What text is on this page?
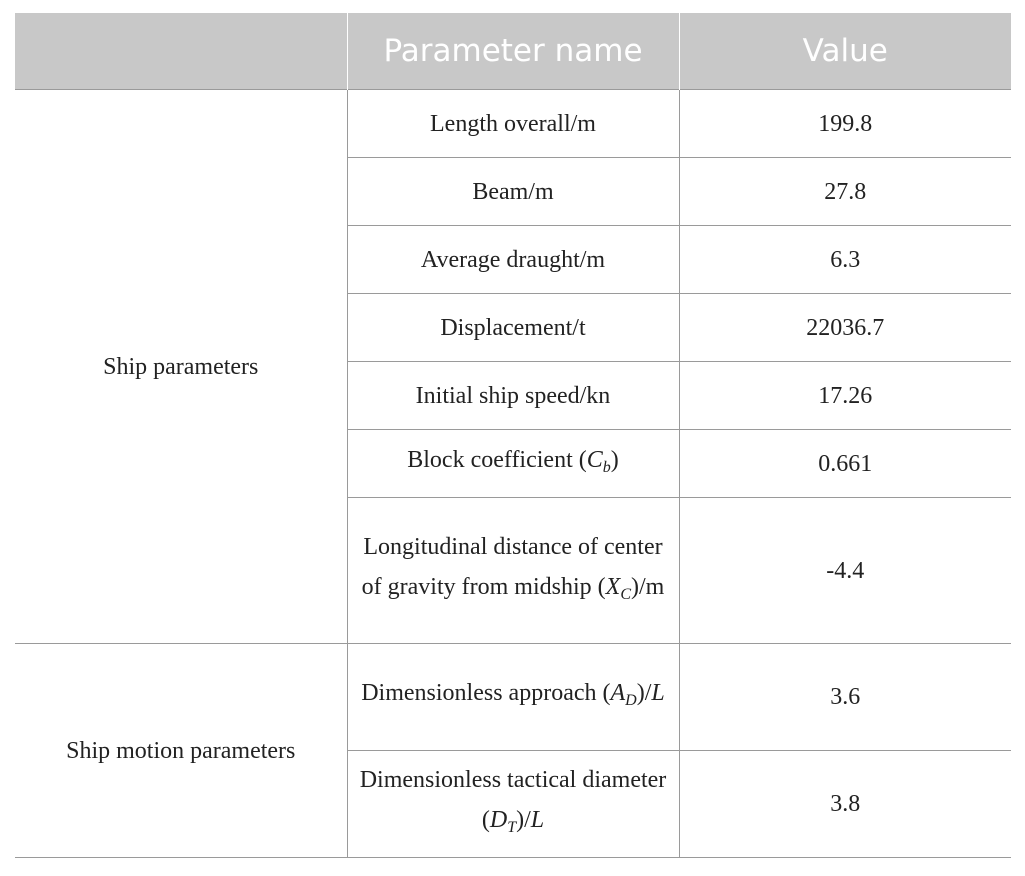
	Parameter name	Value
Ship parameters	Length overall/m	199.8
	Beam/m	27.8
	Average draught/m	6.3
	Displacement/t	22036.7
	Initial ship speed/kn	17.26
	Block coefficient $(C_b)$	0.661
	Longitudinal distance of center of gravity from midship $(X_C)/m$	-4.4
Ship motion parameters	Dimensionless approach $(A_D)/L$	3.6
	Dimensionless tactical diameter $(D_T)/L$	3.8
